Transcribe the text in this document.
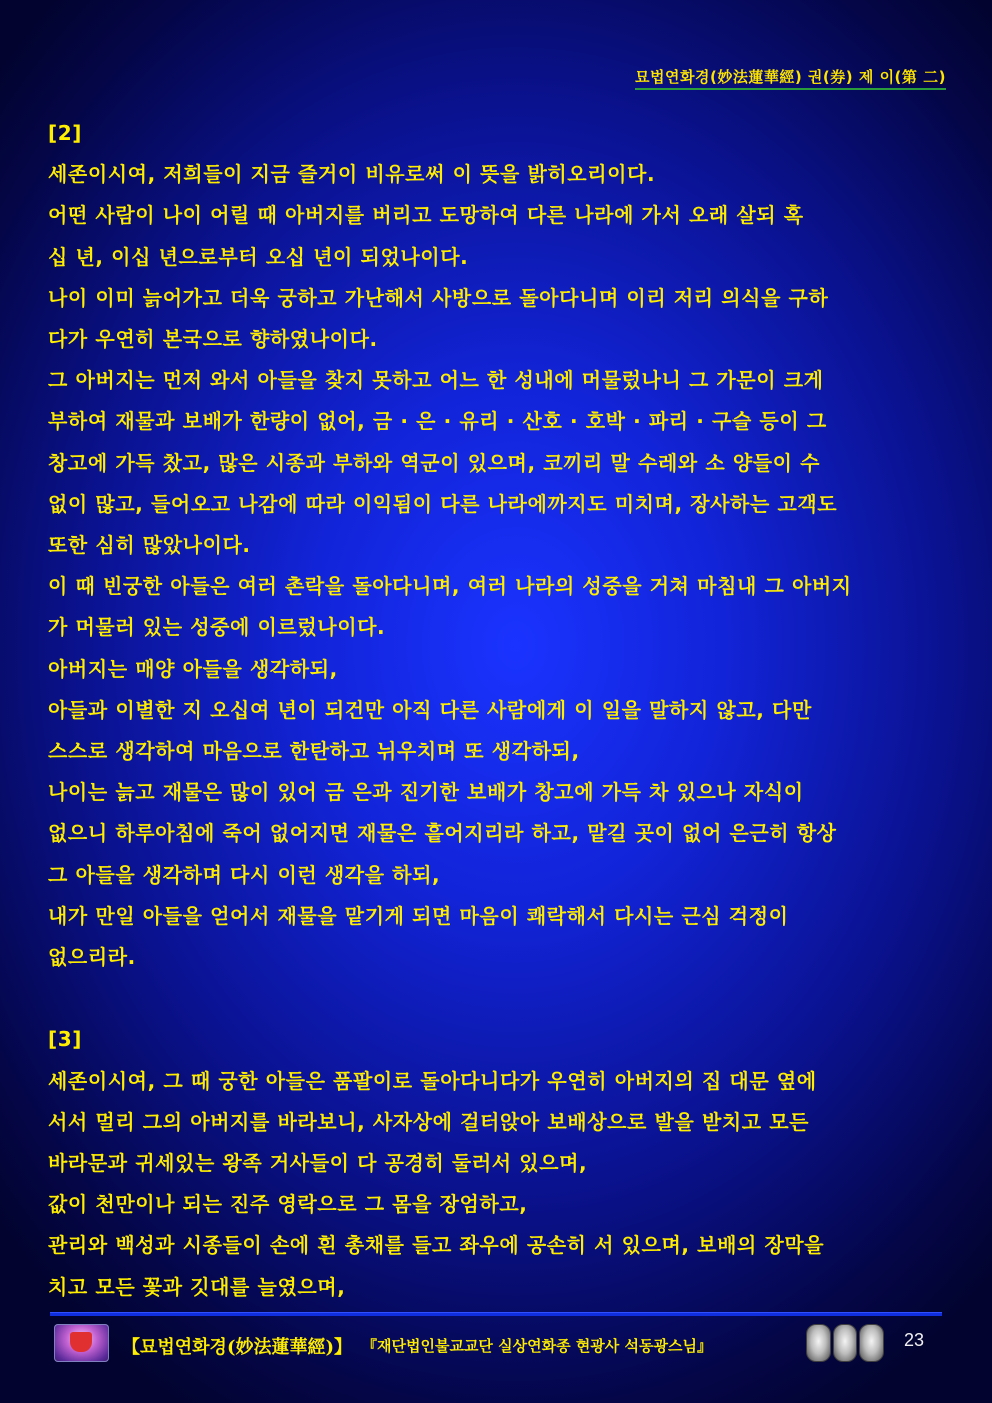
묘법연화경(妙法蓮華經) 권(券) 제 이(第 二)

[2]

세존이시여, 저희들이 지금 즐거이 비유로써 이 뜻을 밝히오리이다.

어떤 사람이 나이 어릴 때 아버지를 버리고 도망하여 다른 나라에 가서 오래 살되 혹

십 년, 이십 년으로부터 오십 년이 되었나이다.

나이 이미 늙어가고 더욱 궁하고 가난해서 사방으로 돌아다니며 이리 저리 의식을 구하

다가 우연히 본국으로 향하였나이다.

그 아버지는 먼저 와서 아들을 찾지 못하고 어느 한 성내에 머물렀나니 그 가문이 크게

부하여 재물과 보배가 한량이 없어, 금 · 은 · 유리 · 산호 · 호박 · 파리 · 구슬 등이 그

창고에 가득 찼고, 많은 시종과 부하와 역군이 있으며, 코끼리 말 수레와 소 양들이 수

없이 많고, 들어오고 나감에 따라 이익됨이 다른 나라에까지도 미치며, 장사하는 고객도

또한 심히 많았나이다.

이 때 빈궁한 아들은 여러 촌락을 돌아다니며, 여러 나라의 성중을 거쳐 마침내 그 아버지

가 머물러 있는 성중에 이르렀나이다.

아버지는 매양 아들을 생각하되,

아들과 이별한 지 오십여 년이 되건만 아직 다른 사람에게 이 일을 말하지 않고, 다만

스스로 생각하여 마음으로 한탄하고 뉘우치며 또 생각하되,

나이는 늙고 재물은 많이 있어 금 은과 진기한 보배가 창고에 가득 차 있으나 자식이

없으니 하루아침에 죽어 없어지면 재물은 흩어지리라 하고, 맡길 곳이 없어 은근히 항상

그 아들을 생각하며 다시 이런 생각을 하되,

내가 만일 아들을 얻어서 재물을 맡기게 되면 마음이 쾌락해서 다시는 근심 걱정이

없으리라.

[3]

세존이시여, 그 때 궁한 아들은 품팔이로 돌아다니다가 우연히 아버지의 집 대문 옆에

서서 멀리 그의 아버지를 바라보니, 사자상에 걸터앉아 보배상으로 발을 받치고 모든

바라문과 귀세있는 왕족 거사들이 다 공경히 둘러서 있으며,

값이 천만이나 되는 진주 영락으로 그 몸을 장엄하고,

관리와 백성과 시종들이 손에 흰 총채를 들고 좌우에 공손히 서 있으며, 보배의 장막을

치고 모든 꽃과 깃대를 늘였으며,

【묘법연화경(妙法蓮華經)】 『재단법인불교교단 실상연화종 현광사 석동광스님』	23
